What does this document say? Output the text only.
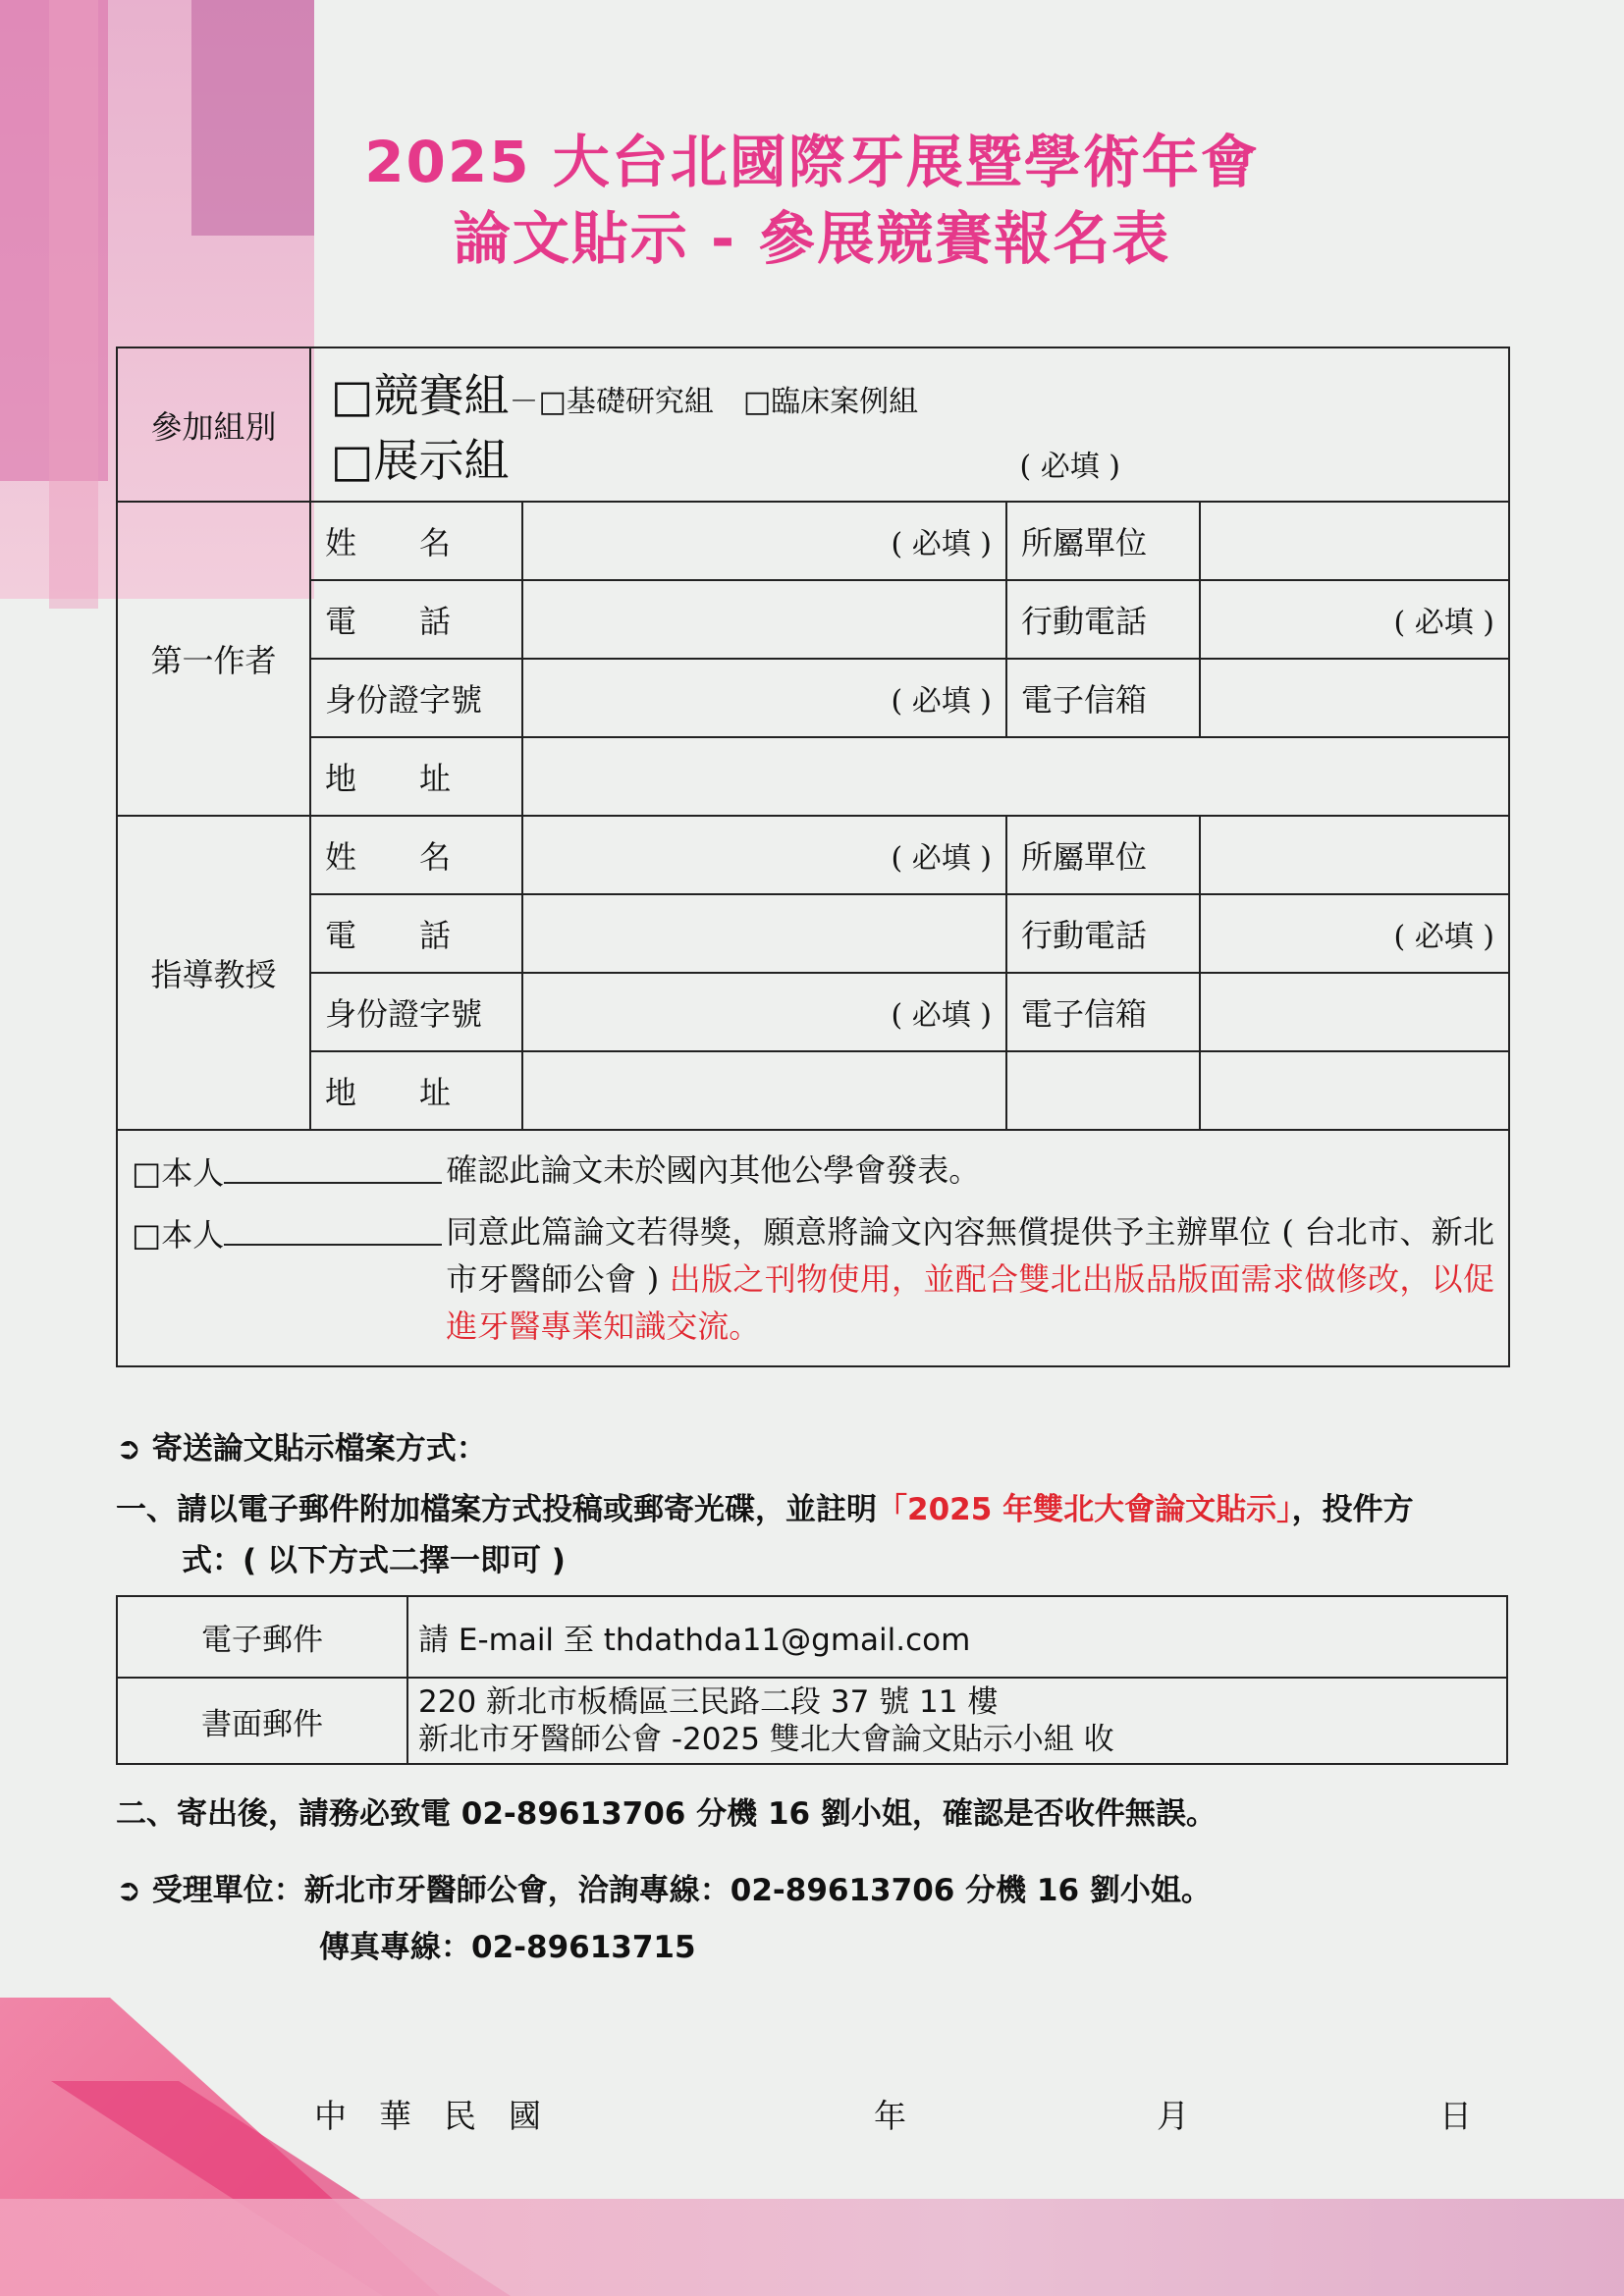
2025 大台北國際牙展暨學術年會
論文貼示 - 參展競賽報名表
參加組別	□競賽組－□基礎研究組　□臨床案例組
□展示組 ( 必填 )			

第一作者	姓　　名	( 必填 )	所屬單位	
	電　　話		行動電話	( 必填 )

	身份證字號	( 必填 )	電子信箱	
	地　　址			
指導教授	姓　　名	( 必填 )	所屬單位	
	電　　話		行動電話	( 必填 )

	身份證字號	( 必填 )	電子信箱	
	地　　址			

□本人 確認此論文未於國內其他公學會發表。
□本人 同意此篇論文若得獎，願意將論文內容無償提供予主辦單位 ( 台北市、新北市牙醫師公會 ) 出版之刊物使用，並配合雙北出版品版面需求做修改，以促進牙醫專業知識交流。				
➲ 寄送論文貼示檔案方式：
一、請以電子郵件附加檔案方式投稿或郵寄光碟，並註明「2025 年雙北大會論文貼示」，投件方
式：( 以下方式二擇一即可 )
電子郵件	請 E-mail 至 thdathda11@gmail.com
書面郵件	220 新北市板橋區三民路二段 37 號 11 樓
新北市牙醫師公會 -2025 雙北大會論文貼示小組 收
二、寄出後，請務必致電 02-89613706 分機 16 劉小姐，確認是否收件無誤。
➲ 受理單位：新北市牙醫師公會，洽詢專線：02-89613706 分機 16 劉小姐。
傳真專線：02-89613715
中　華　民　國	年	月	日
